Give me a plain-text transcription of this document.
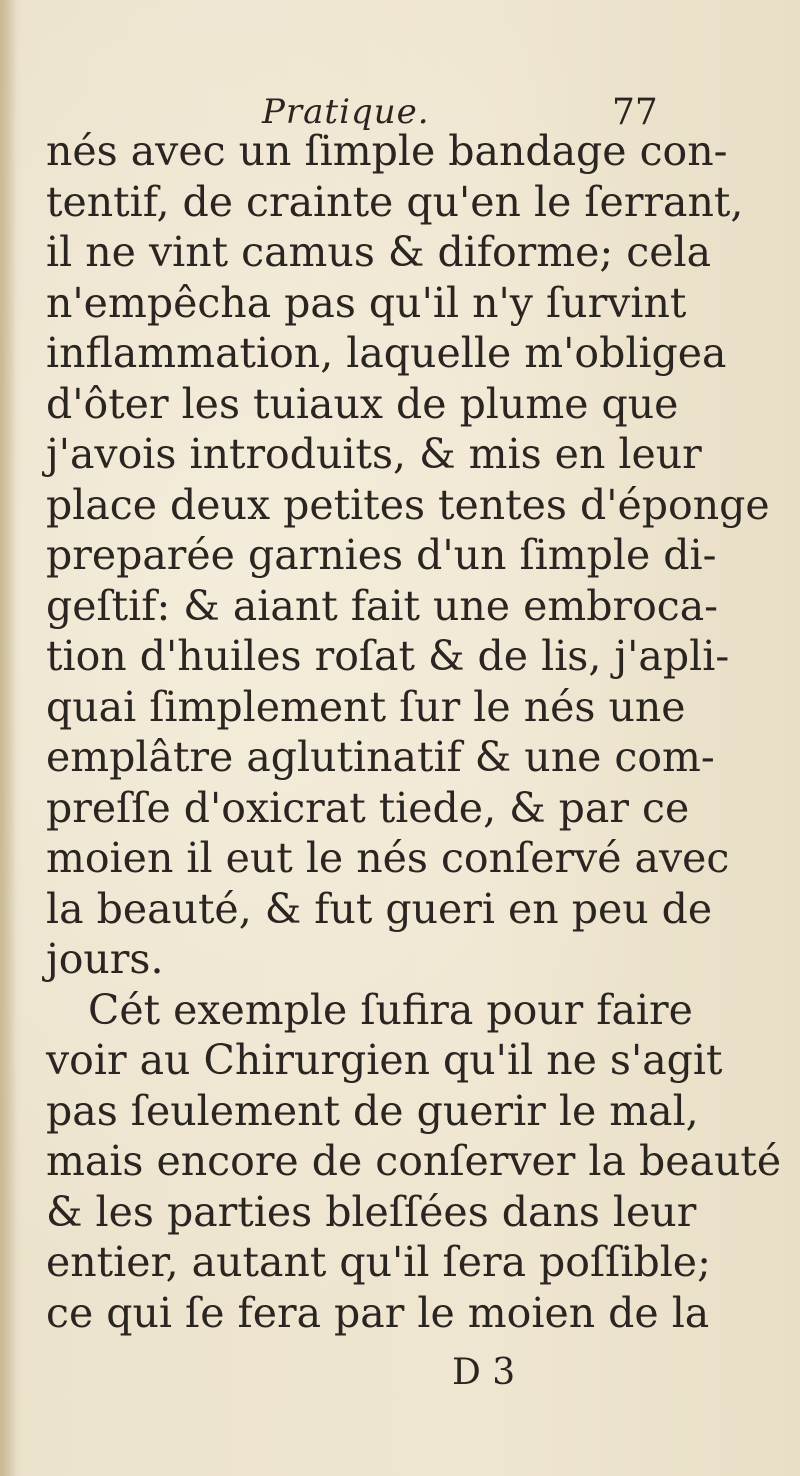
Pratique.	77
nés avec un ſimple bandage con-
tentif, de crainte qu'en le ſerrant,
il ne vint camus & diforme; cela
n'empêcha pas qu'il n'y ſurvint
inflammation, laquelle m'obligea
d'ôter les tuiaux de plume que
j'avois introduits, & mis en leur
place deux petites tentes d'éponge
preparée garnies d'un ſimple di-
geſtif: & aiant fait une embroca-
tion d'huiles roſat & de lis, j'apli-
quai ſimplement ſur le nés une
emplâtre aglutinatif & une com-
preſſe d'oxicrat tiede, & par ce
moien il eut le nés conſervé avec
la beauté, & fut gueri en peu de
jours.
Cét exemple ſufira pour faire
voir au Chirurgien qu'il ne s'agit
pas ſeulement de guerir le mal,
mais encore de conſerver la beauté
& les parties bleſſées dans leur
entier, autant qu'il ſera poſſible;
ce qui ſe fera par le moien de la
D 3
